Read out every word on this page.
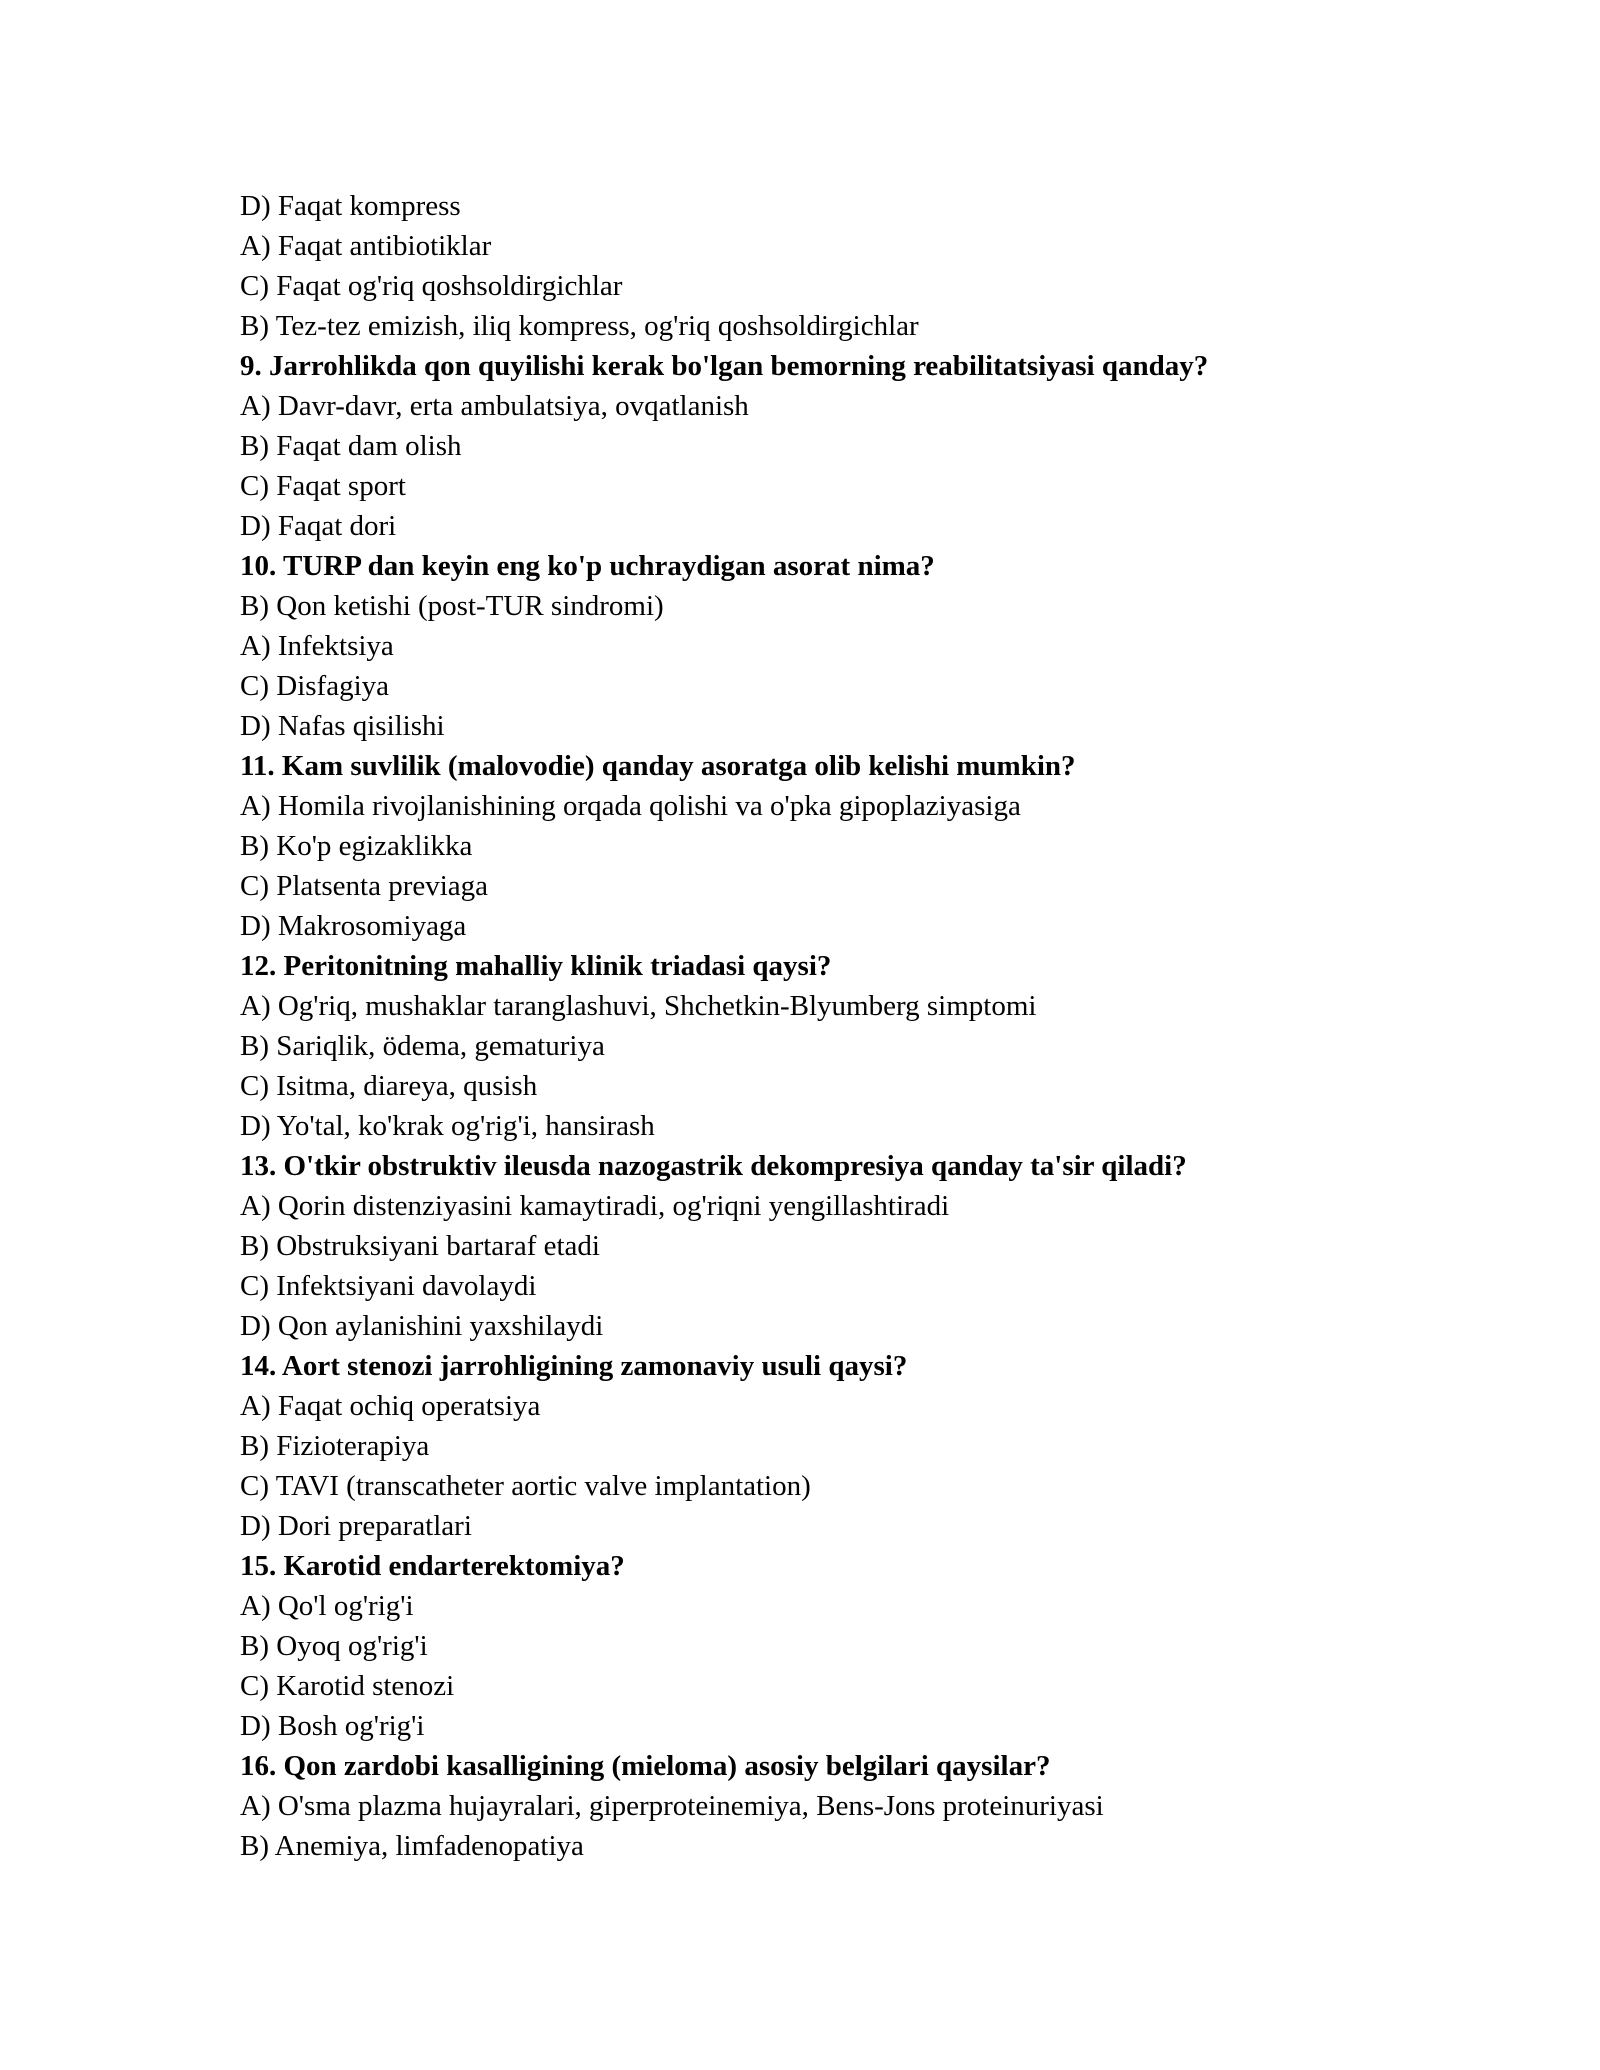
D) Faqat kompress
A) Faqat antibiotiklar
C) Faqat og'riq qoshsoldirgichlar
B) Tez-tez emizish, iliq kompress, og'riq qoshsoldirgichlar
9. Jarrohlikda qon quyilishi kerak bo'lgan bemorning reabilitatsiyasi qanday?
A) Davr-davr, erta ambulatsiya, ovqatlanish
B) Faqat dam olish
C) Faqat sport
D) Faqat dori
10. TURP dan keyin eng ko'p uchraydigan asorat nima?
B) Qon ketishi (post-TUR sindromi)
A) Infektsiya
C) Disfagiya
D) Nafas qisilishi
11. Kam suvlilik (malovodie) qanday asoratga olib kelishi mumkin?
A) Homila rivojlanishining orqada qolishi va o'pka gipoplaziyasiga
B) Ko'p egizaklikka
C) Platsenta previaga
D) Makrosomiyaga
12. Peritonitning mahalliy klinik triadasi qaysi?
A) Og'riq, mushaklar taranglashuvi, Shchetkin-Blyumberg simptomi
B) Sariqlik, ödema, gematuriya
C) Isitma, diareya, qusish
D) Yo'tal, ko'krak og'rig'i, hansirash
13. O'tkir obstruktiv ileusda nazogastrik dekompresiya qanday ta'sir qiladi?
A) Qorin distenziyasini kamaytiradi, og'riqni yengillashtiradi
B) Obstruksiyani bartaraf etadi
C) Infektsiyani davolaydi
D) Qon aylanishini yaxshilaydi
14. Aort stenozi jarrohligining zamonaviy usuli qaysi?
A) Faqat ochiq operatsiya
B) Fizioterapiya
C) TAVI (transcatheter aortic valve implantation)
D) Dori preparatlari
15. Karotid endarterektomiya?
A) Qo'l og'rig'i
B) Oyoq og'rig'i
C) Karotid stenozi
D) Bosh og'rig'i
16. Qon zardobi kasalligining (mieloma) asosiy belgilari qaysilar?
A) O'sma plazma hujayralari, giperproteinemiya, Bens-Jons proteinuriyasi
B) Anemiya, limfadenopatiya
